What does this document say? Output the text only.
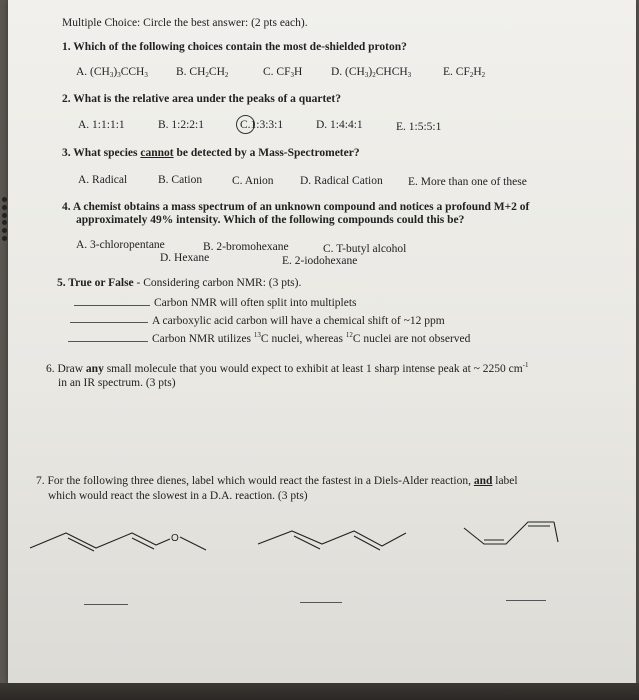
Multiple Choice: Circle the best answer: (2 pts each).
1. Which of the following choices contain the most de-shielded proton?
A. $(CH_3)_3CCH_3$ B. $CH_2CH_2$	C. $CF_3H$ D. $(CH_3)_2CHCH_3$	E. $CF_2H_2$
2. What is the relative area under the peaks of a quartet?
A. 1:1:1:1	B. 1:2:2:1	C.1:3:3:1	D. 1:4:4:1	E. 1:5:5:1
3. What species cannot be detected by a Mass-Spectrometer?
A. Radical	B. Cation	C. Anion D. Radical Cation E. More than one of these
4. A chemist obtains a mass spectrum of an unknown compound and notices a profound M+2 of
approximately 49% intensity. Which of the following compounds could this be?
A. 3-chloropentane	B. 2-bromohexane	C. T-butyl alcohol
D. Hexane	E. 2-iodohexane
5. True or False - Considering carbon NMR: (3 pts).
Carbon NMR will often split into multiplets
A carboxylic acid carbon will have a chemical shift of ~12 ppm
Carbon NMR utilizes $^{13}$C nuclei, whereas $^{12}$C nuclei are not observed
6. Draw any small molecule that you would expect to exhibit at least 1 sharp intense peak at ~ 2250 $cm^{-1}$
in an IR spectrum. (3 pts)
7. For the following three dienes, label which would react the fastest in a Diels-Alder reaction, and label
which would react the slowest in a D.A. reaction. (3 pts)
O
